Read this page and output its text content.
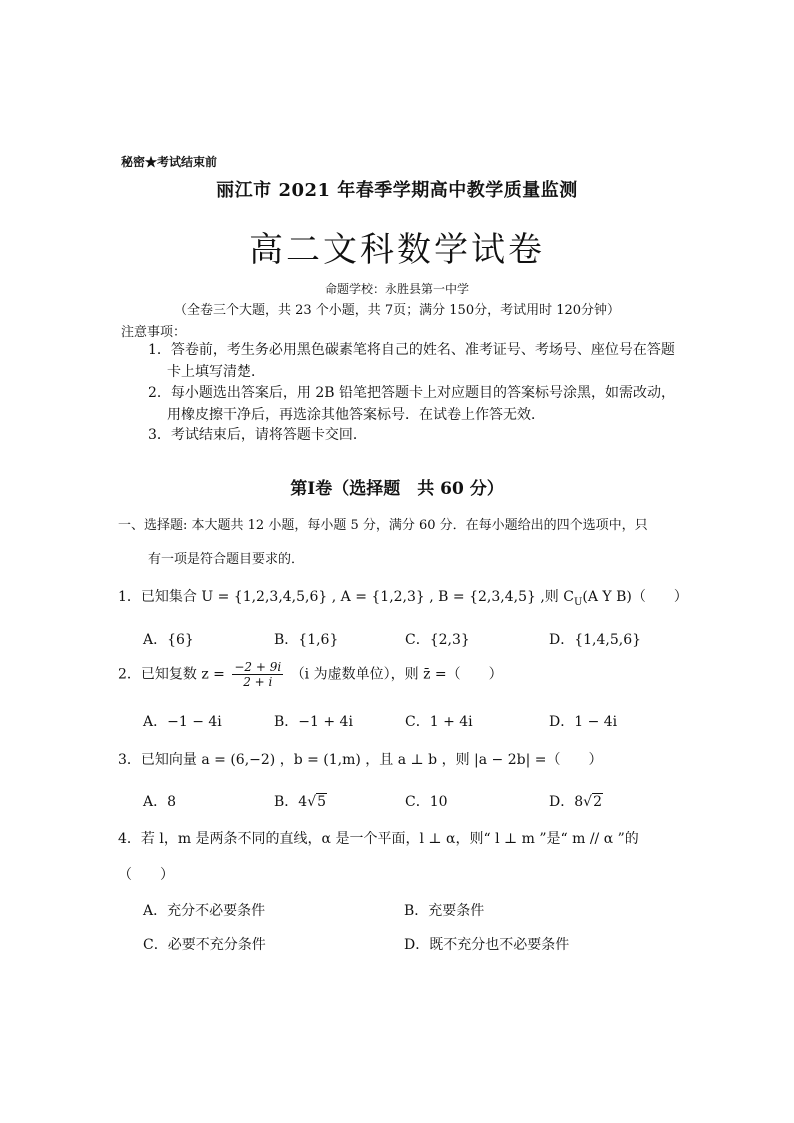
秘密★考试结束前
丽江市 2021 年春季学期高中教学质量监测
高二文科数学试卷
命题学校：永胜县第一中学
（全卷三个大题，共 23 个小题，共 7页；满分 150分，考试用时 120分钟）
注意事项：
1．答卷前，考生务必用黑色碳素笔将自己的姓名、准考证号、考场号、座位号在答题
卡上填写清楚．
2．每小题选出答案后，用 2B 铅笔把答题卡上对应题目的答案标号涂黑，如需改动，
用橡皮擦干净后，再选涂其他答案标号．在试卷上作答无效．
3．考试结束后，请将答题卡交回．
第Ⅰ卷（选择题　共 60 分）
一、选择题: 本大题共 12 小题，每小题 5 分，满分 60 分．在每小题给出的四个选项中，只
有一项是符合题目要求的．
1．已知集合 U = {1,2,3,4,5,6} , A = {1,2,3} , B = {2,3,4,5} ,则 $C_U(A$ Y B)（　　）
A．{6}	B．{1,6}	C．{2,3}	D．{1,4,5,6}
2．已知复数 $z = \frac{-2 + 9i}{2 + i} (i$ 为虚数单位），则 z̄ =（　　）
A．−1 − 4i	B．−1 + 4i	C．1 + 4i	D．1 − 4i
3．已知向量 a = (6,−2) ，b = (1,m) ，且 a ⊥ b ，则 |a − 2b| =（　　）
A．8	B．4√5	C．10	D．8√2
4．若 l，m 是两条不同的直线，α 是一个平面，l ⊥ α，则“ l ⊥ m ”是“ m // α ”的
（　　）
A．充分不必要条件	B．充要条件
C．必要不充分条件	D．既不充分也不必要条件
